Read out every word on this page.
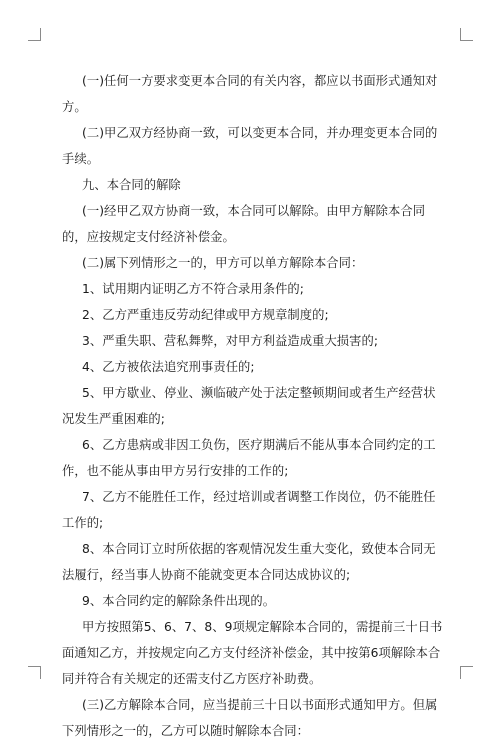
(一)任何一方要求变更本合同的有关内容，都应以书面形式通知对方。

(二)甲乙双方经协商一致，可以变更本合同，并办理变更本合同的手续。

九、本合同的解除

(一)经甲乙双方协商一致，本合同可以解除。由甲方解除本合同的，应按规定支付经济补偿金。

(二)属下列情形之一的，甲方可以单方解除本合同：

1、试用期内证明乙方不符合录用条件的;

2、乙方严重违反劳动纪律或甲方规章制度的;

3、严重失职、营私舞弊，对甲方利益造成重大损害的;

4、乙方被依法追究刑事责任的;

5、甲方歇业、停业、濒临破产处于法定整顿期间或者生产经营状况发生严重困难的;

6、乙方患病或非因工负伤，医疗期满后不能从事本合同约定的工作，也不能从事由甲方另行安排的工作的;

7、乙方不能胜任工作，经过培训或者调整工作岗位，仍不能胜任工作的;

8、本合同订立时所依据的客观情况发生重大变化，致使本合同无法履行，经当事人协商不能就变更本合同达成协议的;

9、本合同约定的解除条件出现的。

甲方按照第5、6、7、8、9项规定解除本合同的，需提前三十日书面通知乙方，并按规定向乙方支付经济补偿金，其中按第6项解除本合同并符合有关规定的还需支付乙方医疗补助费。

(三)乙方解除本合同，应当提前三十日以书面形式通知甲方。但属下列情形之一的，乙方可以随时解除本合同：
